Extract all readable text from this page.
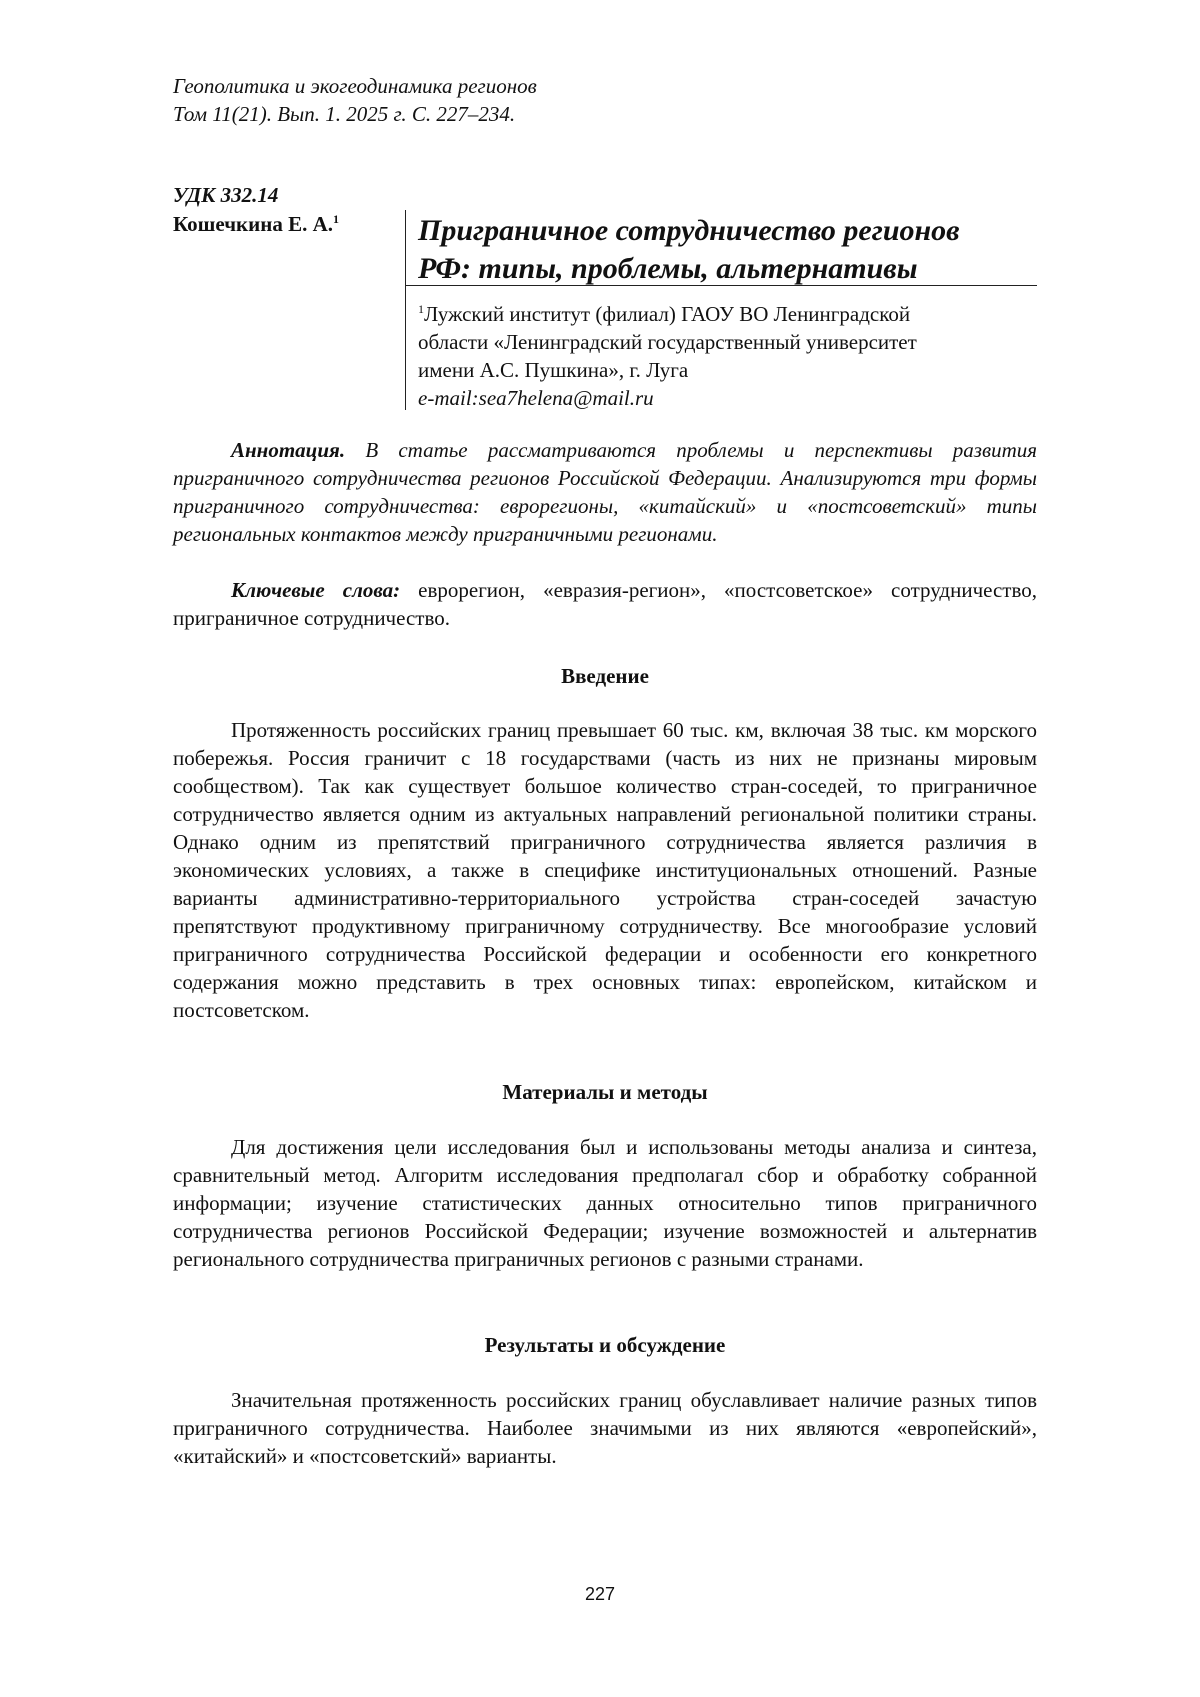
Геополитика и экогеодинамика регионов
Том 11(21). Вып. 1. 2025 г. С. 227–234.
УДК 332.14
Кошечкина Е. А.$^1$	Приграничное сотрудничество регионов
РФ: типы, проблемы, альтернативы
$^1$Лужский институт (филиал) ГАОУ ВО Ленинградской
области «Ленинградский государственный университет
имени А.С. Пушкина», г. Луга
e-mail:sea7helena@mail.ru
Аннотация. В статье рассматриваются проблемы и перспективы развития приграничного сотрудничества регионов Российской Федерации. Анализируются три формы приграничного сотрудничества: еврорегионы, «китайский» и «постсоветский» типы региональных контактов между приграничными регионами.
Ключевые слова: еврорегион, «евразия-регион», «постсоветское» сотрудничество, приграничное сотрудничество.
Введение
Протяженность российских границ превышает 60 тыс. км, включая 38 тыс. км морского побережья. Россия граничит с 18 государствами (часть из них не признаны мировым сообществом). Так как существует большое количество стран-соседей, то приграничное сотрудничество является одним из актуальных направлений региональной политики страны. Однако одним из препятствий приграничного сотрудничества является различия в экономических условиях, а также в специфике институциональных отношений. Разные варианты административно-территориального устройства стран-соседей зачастую препятствуют продуктивному приграничному сотрудничеству. Все многообразие условий приграничного сотрудничества Российской федерации и особенности его конкретного содержания можно представить в трех основных типах: европейском, китайском и постсоветском.
Материалы и методы
Для достижения цели исследования был и использованы методы анализа и синтеза, сравнительный метод. Алгоритм исследования предполагал сбор и обработку собранной информации; изучение статистических данных относительно типов приграничного сотрудничества регионов Российской Федерации; изучение возможностей и альтернатив регионального сотрудничества приграничных регионов с разными странами.
Результаты и обсуждение
Значительная протяженность российских границ обуславливает наличие разных типов приграничного сотрудничества. Наиболее значимыми из них являются «европейский», «китайский» и «постсоветский» варианты.
227
